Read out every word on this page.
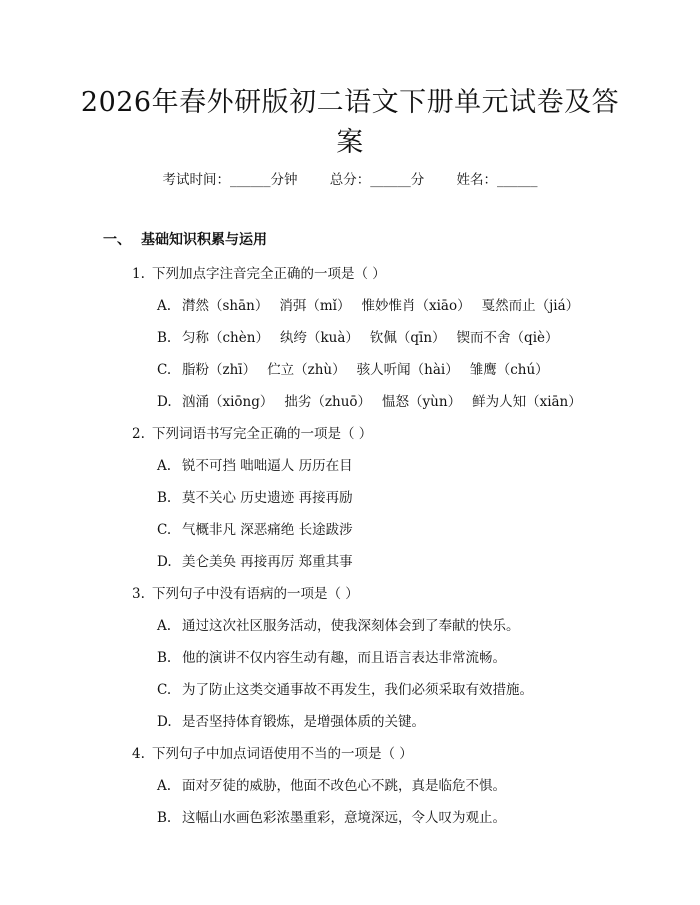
2026年春外研版初二语文下册单元试卷及答
案
考试时间：______分钟 总分：______分 姓名：______
一、 基础知识积累与运用
1. 下列加点字注音完全正确的一项是（ ）
A. 潸然（shān） 消弭（mǐ） 惟妙惟肖（xiāo） 戛然而止（jiá）
B. 匀称（chèn） 纨绔（kuà） 钦佩（qīn） 锲而不舍（qiè）
C. 脂粉（zhī） 伫立（zhù） 骇人听闻（hài） 雏鹰（chú）
D. 汹涌（xiōng） 拙劣（zhuō） 愠怒（yùn） 鲜为人知（xiān）
2. 下列词语书写完全正确的一项是（ ）
A. 锐不可挡 咄咄逼人 历历在目
B. 莫不关心 历史遗迹 再接再励
C. 气概非凡 深恶痛绝 长途跋涉
D. 美仑美奂 再接再厉 郑重其事
3. 下列句子中没有语病的一项是（ ）
A. 通过这次社区服务活动，使我深刻体会到了奉献的快乐。
B. 他的演讲不仅内容生动有趣，而且语言表达非常流畅。
C. 为了防止这类交通事故不再发生，我们必须采取有效措施。
D. 是否坚持体育锻炼，是增强体质的关键。
4. 下列句子中加点词语使用不当的一项是（ ）
A. 面对歹徒的威胁，他面不改色心不跳，真是临危不惧。
B. 这幅山水画色彩浓墨重彩，意境深远，令人叹为观止。
